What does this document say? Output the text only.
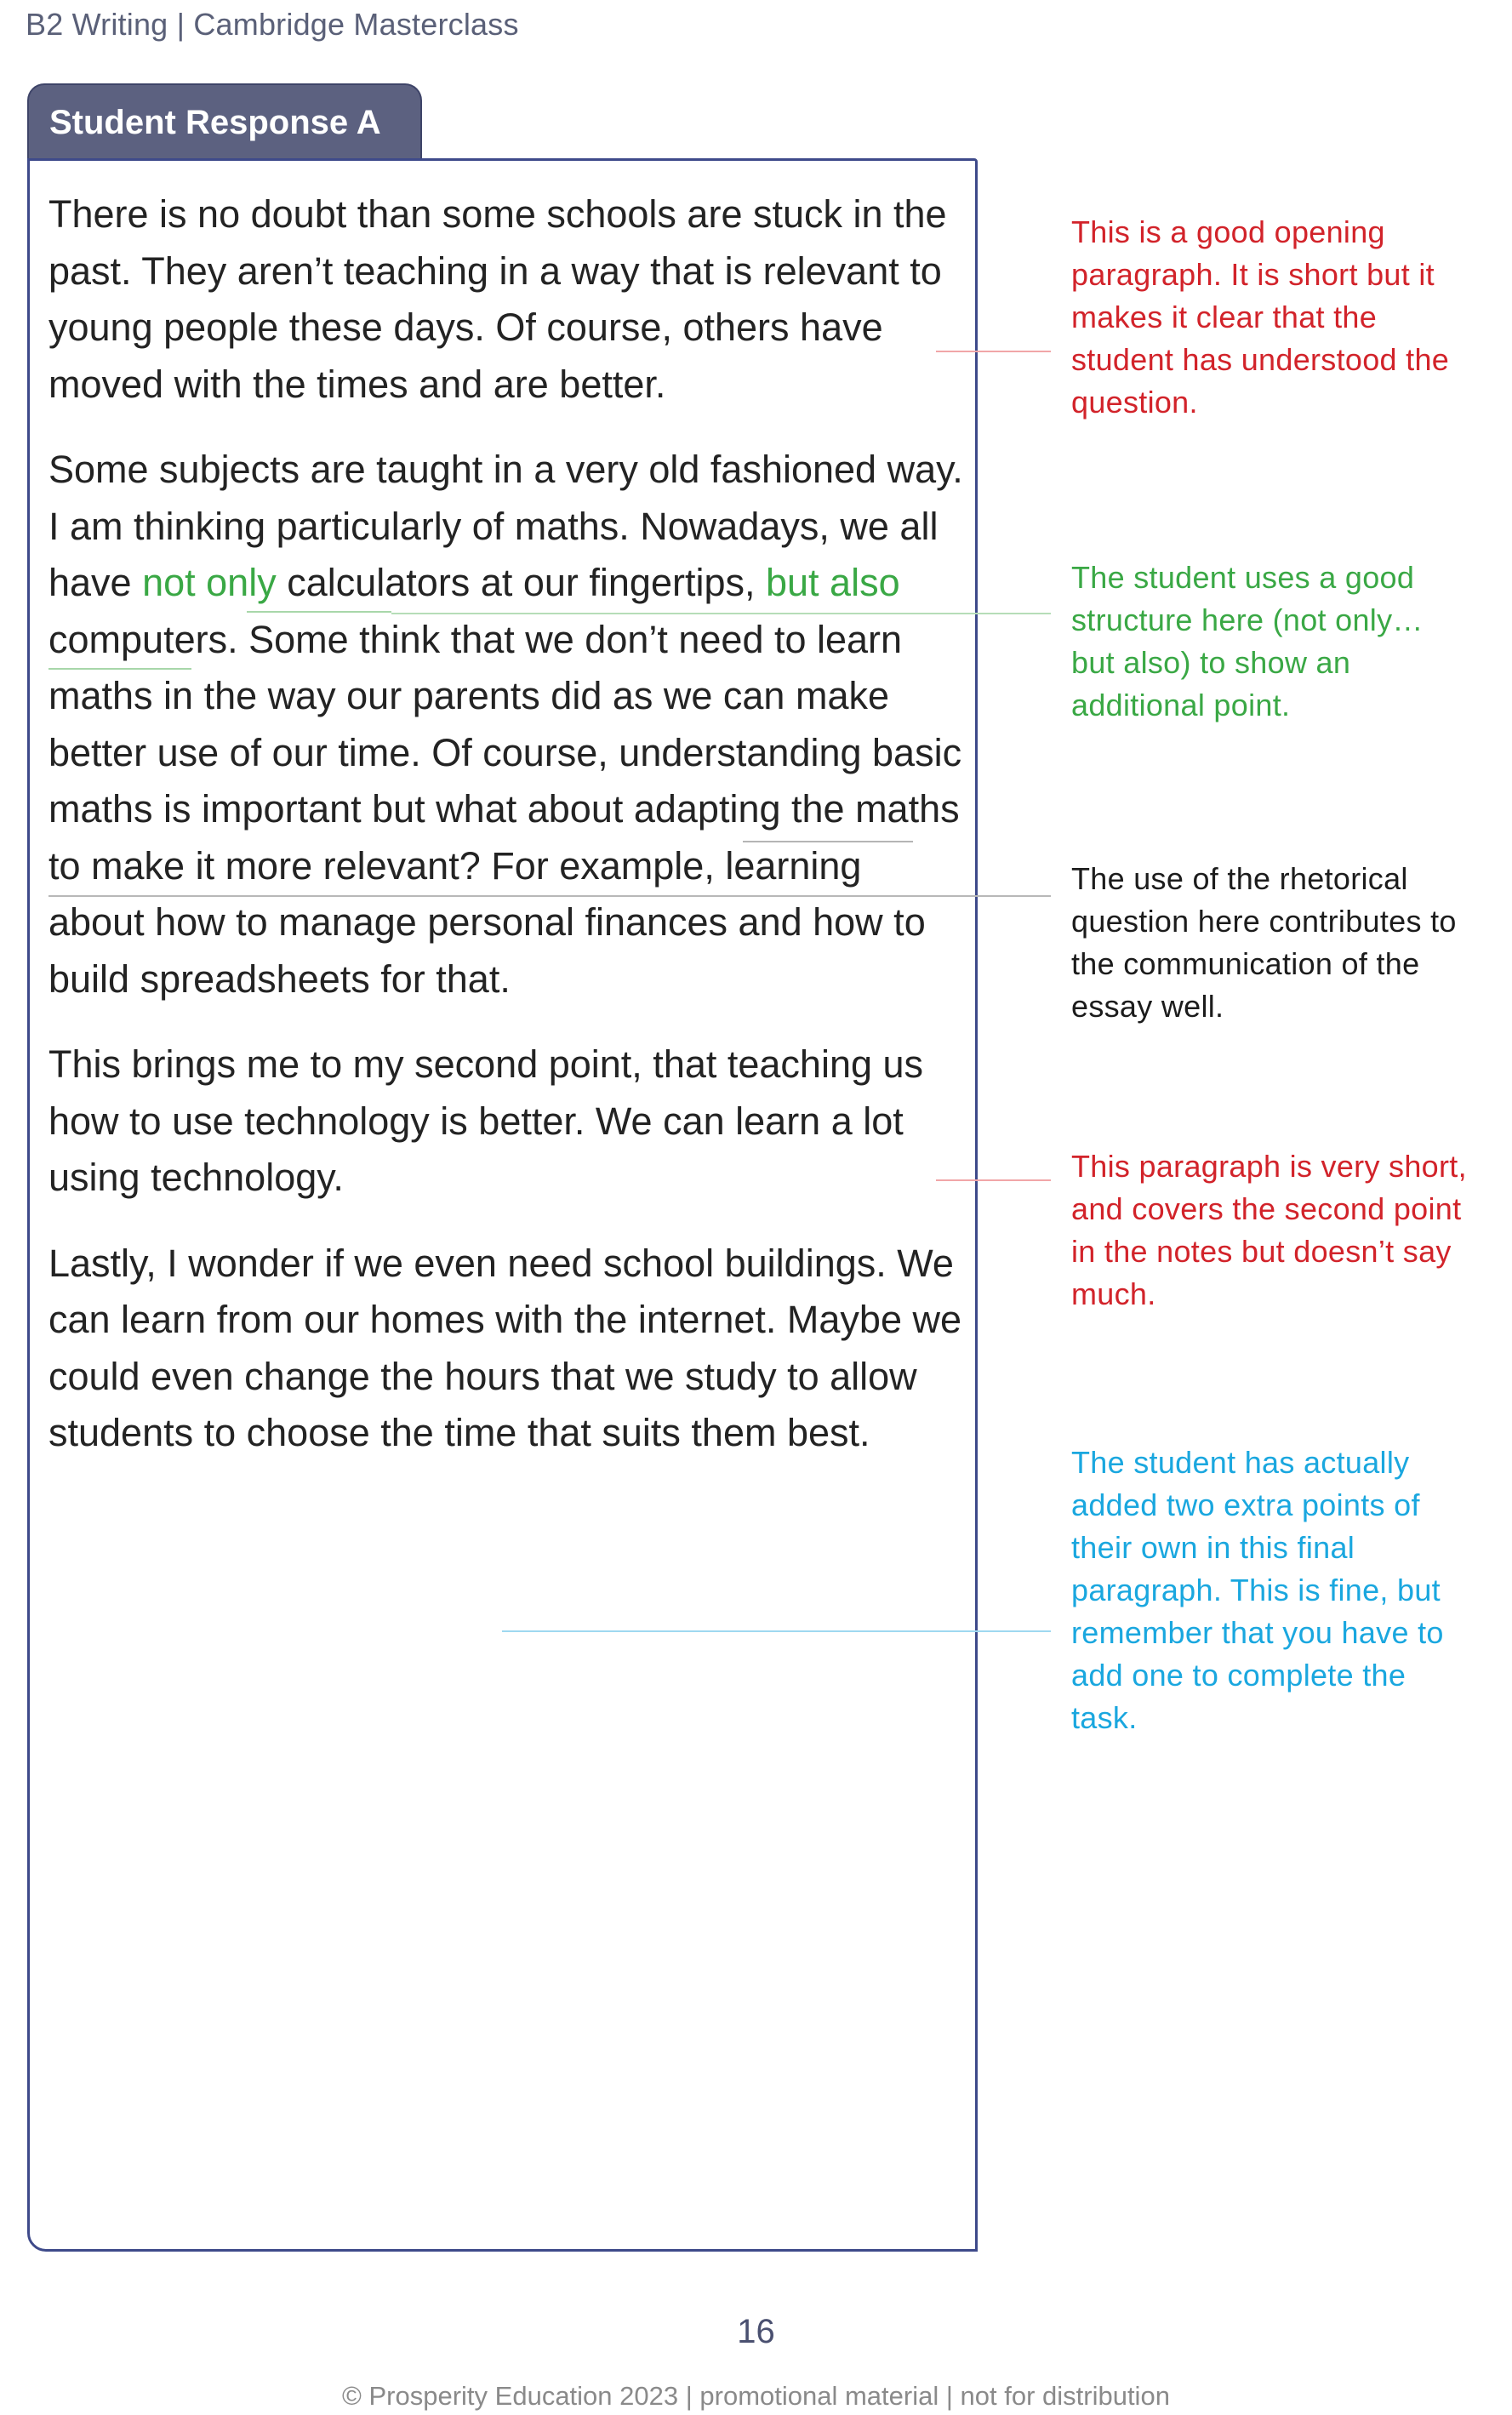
B2 Writing | Cambridge Masterclass
Student Response A

There is no doubt than some schools are stuck in the past. They aren’t teaching in a way that is relevant to young people these days. Of course, others have moved with the times and are better.

Some subjects are taught in a very old fashioned way. I am thinking particularly of maths. Nowadays, we all have not only calculators at our fingertips, but also computers. Some think that we don’t need to learn maths in the way our parents did as we can make better use of our time. Of course, understanding basic maths is important but what about adapting the maths to make it more relevant? For example, learning about how to manage personal finances and how to build spreadsheets for that.

This brings me to my second point, that teaching us how to use technology is better. We can learn a lot using technology.

Lastly, I wonder if we even need school buildings. We can learn from our homes with the internet. Maybe we could even change the hours that we study to allow students to choose the time that suits them best.

This is a good opening paragraph. It is short but it makes it clear that the student has understood the question.
The student uses a good structure here (not only… but also) to show an additional point.
The use of the rhetorical question here contributes to the communication of the essay well.
This paragraph is very short, and covers the second point in the notes but doesn’t say much.
The student has actually added two extra points of their own in this final paragraph. This is fine, but remember that you have to add one to complete the task.
16
© Prosperity Education 2023 | promotional material | not for distribution
